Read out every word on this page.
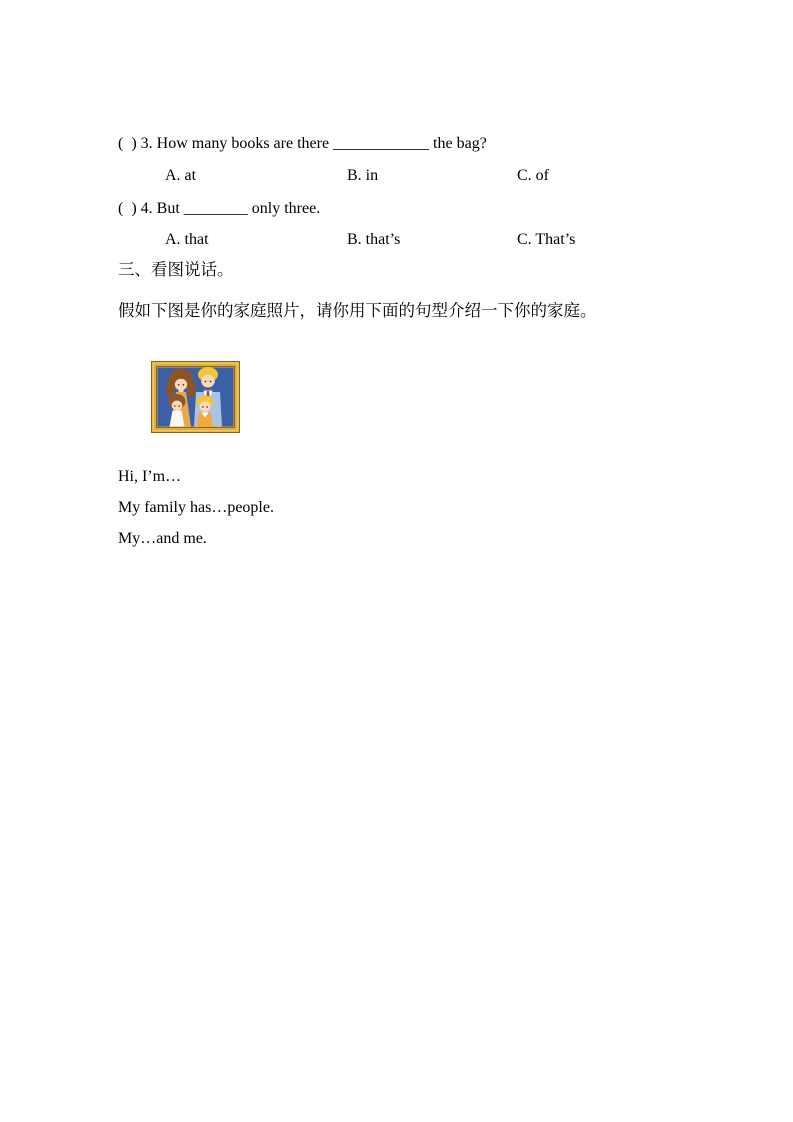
(  ) 3. How many books are there ____________ the bag?
A. at	B. in	C. of
(  ) 4. But ________ only three.
A. that	B. that’s	C. That’s
三、看图说话。
假如下图是你的家庭照片，请你用下面的句型介绍一下你的家庭。
Hi, I’m…
My family has…people.
My…and me.
